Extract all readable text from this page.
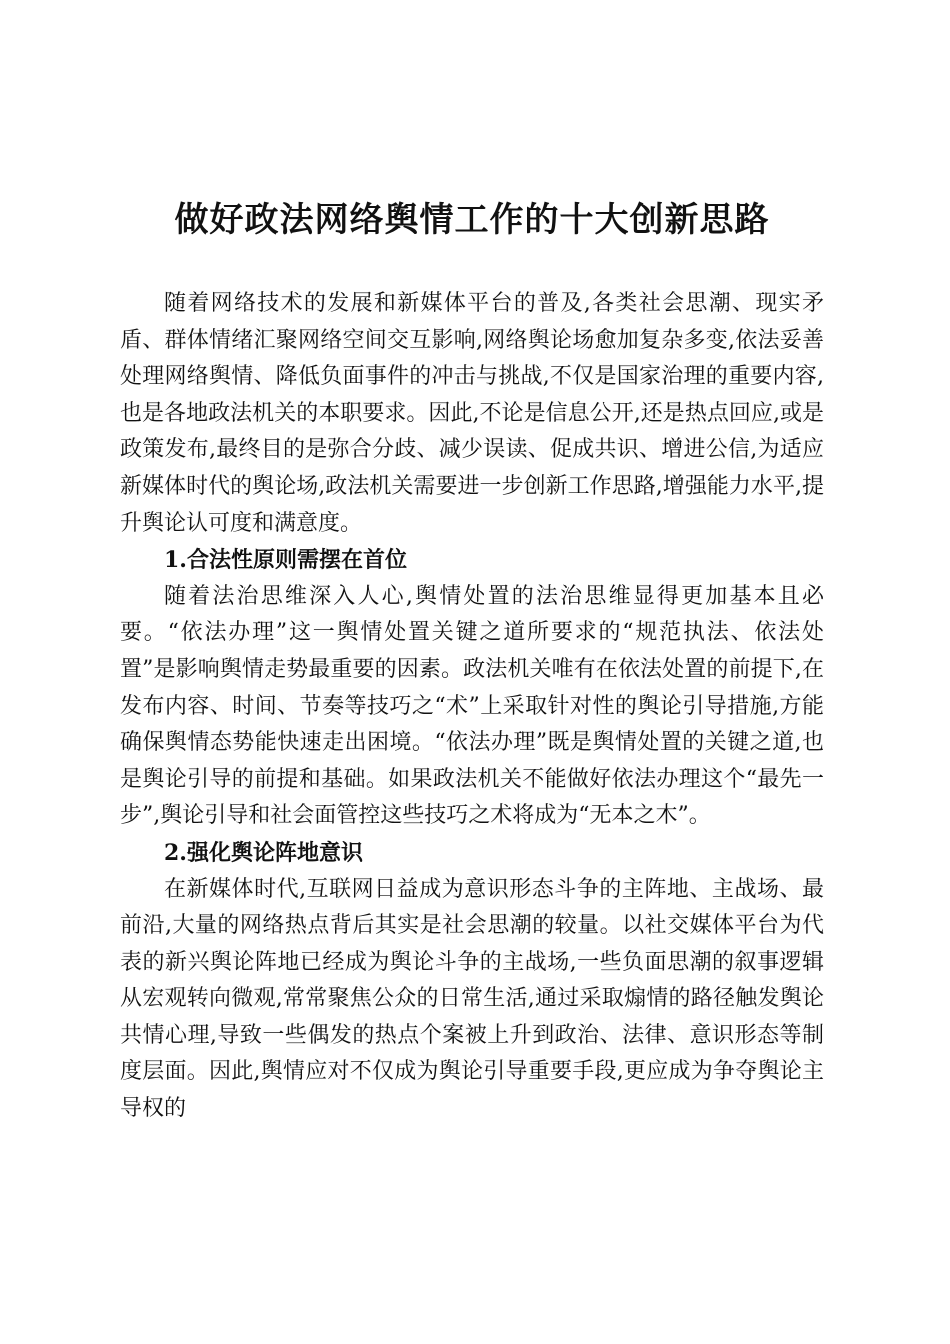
做好政法网络舆情工作的十大创新思路

随着网络技术的发展和新媒体平台的普及,各类社会思潮、现实矛盾、群体情绪汇聚网络空间交互影响,网络舆论场愈加复杂多变,依法妥善处理网络舆情、降低负面事件的冲击与挑战,不仅是国家治理的重要内容,也是各地政法机关的本职要求。因此,不论是信息公开,还是热点回应,或是政策发布,最终目的是弥合分歧、减少误读、促成共识、增进公信,为适应新媒体时代的舆论场,政法机关需要进一步创新工作思路,增强能力水平,提升舆论认可度和满意度。

1.合法性原则需摆在首位

随着法治思维深入人心,舆情处置的法治思维显得更加基本且必要。“依法办理”这一舆情处置关键之道所要求的“规范执法、依法处置”是影响舆情走势最重要的因素。政法机关唯有在依法处置的前提下,在发布内容、时间、节奏等技巧之“术”上采取针对性的舆论引导措施,方能确保舆情态势能快速走出困境。“依法办理”既是舆情处置的关键之道,也是舆论引导的前提和基础。如果政法机关不能做好依法办理这个“最先一步”,舆论引导和社会面管控这些技巧之术将成为“无本之木”。

2.强化舆论阵地意识

在新媒体时代,互联网日益成为意识形态斗争的主阵地、主战场、最前沿,大量的网络热点背后其实是社会思潮的较量。以社交媒体平台为代表的新兴舆论阵地已经成为舆论斗争的主战场,一些负面思潮的叙事逻辑从宏观转向微观,常常聚焦公众的日常生活,通过采取煽情的路径触发舆论共情心理,导致一些偶发的热点个案被上升到政治、法律、意识形态等制度层面。因此,舆情应对不仅成为舆论引导重要手段,更应成为争夺舆论主导权的
